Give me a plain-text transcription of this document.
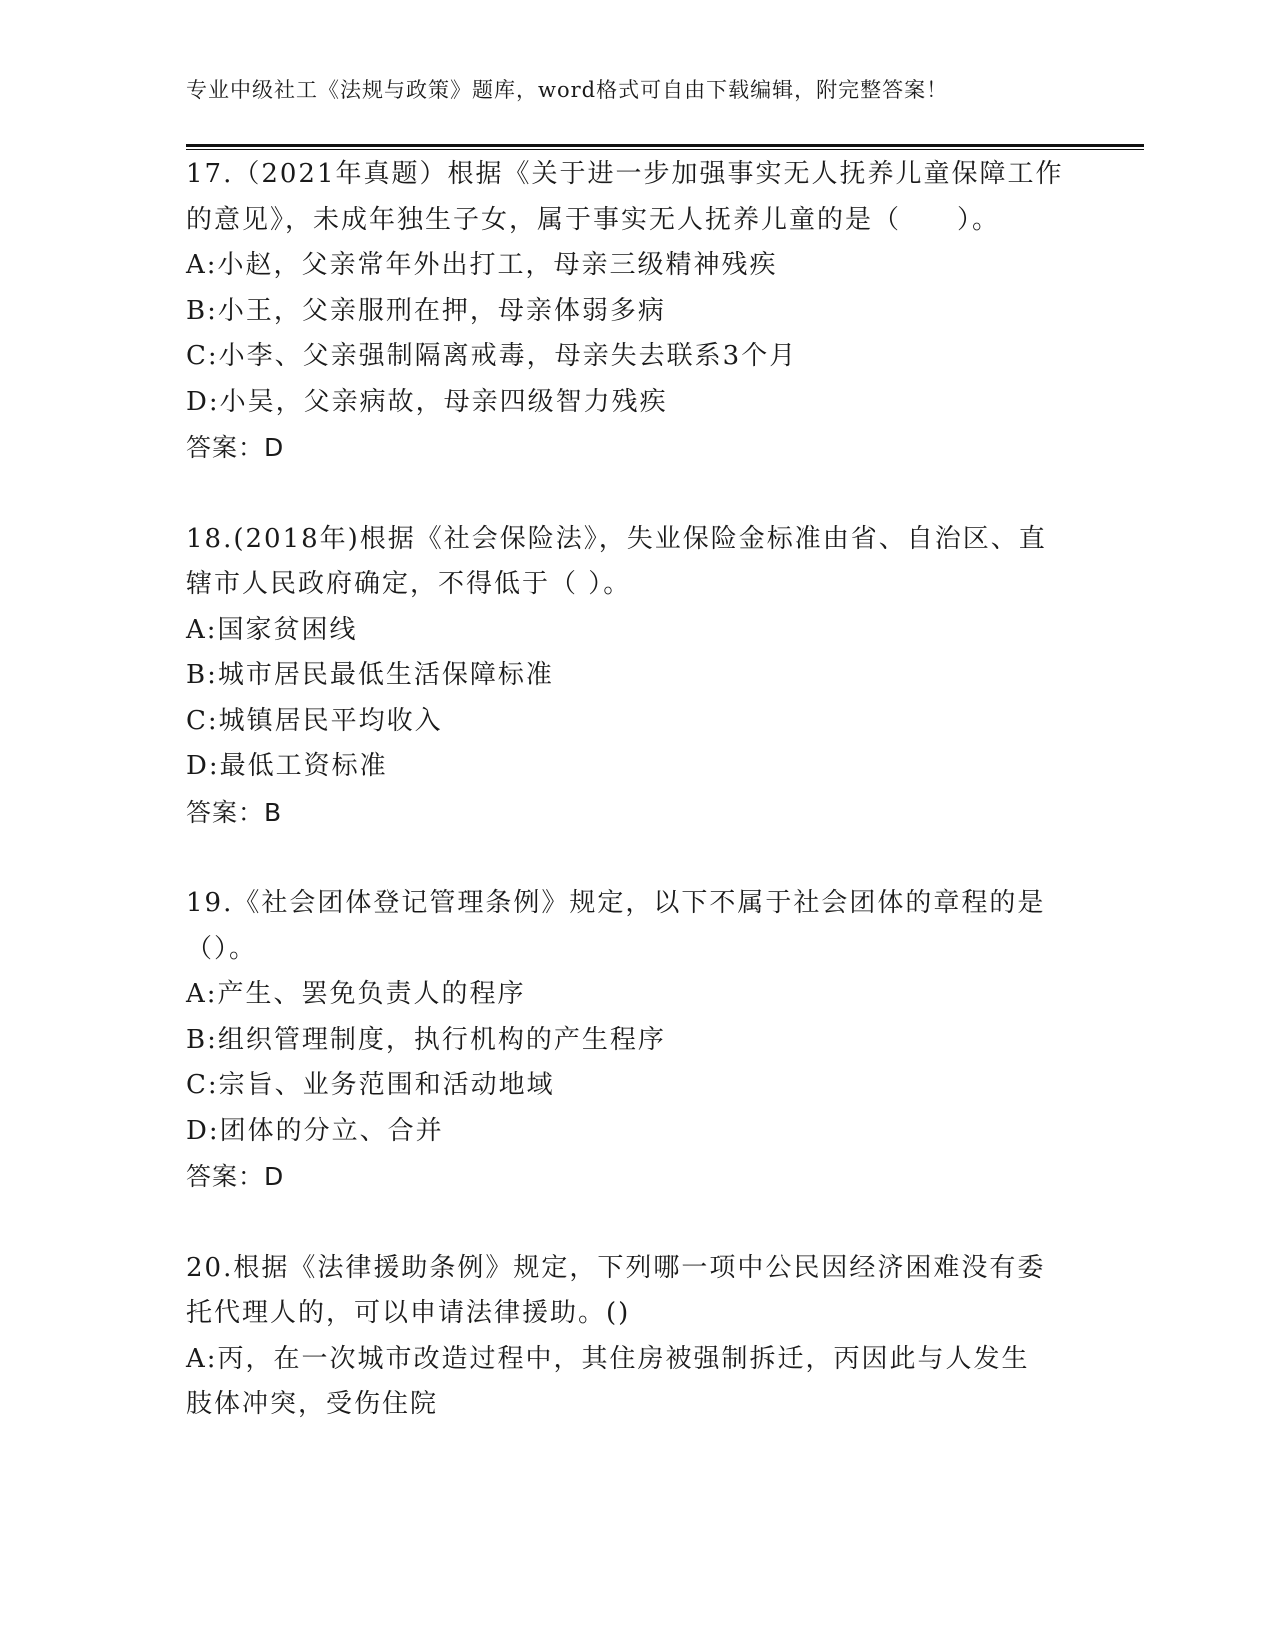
专业中级社工《法规与政策》题库，word格式可自由下载编辑，附完整答案！
17.（2021年真题）根据《关于进一步加强事实无人抚养儿童保障工作
的意见》，未成年独生子女，属于事实无人抚养儿童的是（　　）。
A:小赵，父亲常年外出打工，母亲三级精神残疾
B:小王，父亲服刑在押，母亲体弱多病
C:小李、父亲强制隔离戒毒，母亲失去联系3个月
D:小吴，父亲病故，母亲四级智力残疾
答案：D
18.(2018年)根据《社会保险法》，失业保险金标准由省、自治区、直
辖市人民政府确定，不得低于（ ）。
A:国家贫困线
B:城市居民最低生活保障标准
C:城镇居民平均收入
D:最低工资标准
答案：B
19.《社会团体登记管理条例》规定，以下不属于社会团体的章程的是
（）。
A:产生、罢免负责人的程序
B:组织管理制度，执行机构的产生程序
C:宗旨、业务范围和活动地域
D:团体的分立、合并
答案：D
20.根据《法律援助条例》规定，下列哪一项中公民因经济困难没有委
托代理人的，可以申请法律援助。()
A:丙，在一次城市改造过程中，其住房被强制拆迁，丙因此与人发生
肢体冲突，受伤住院
